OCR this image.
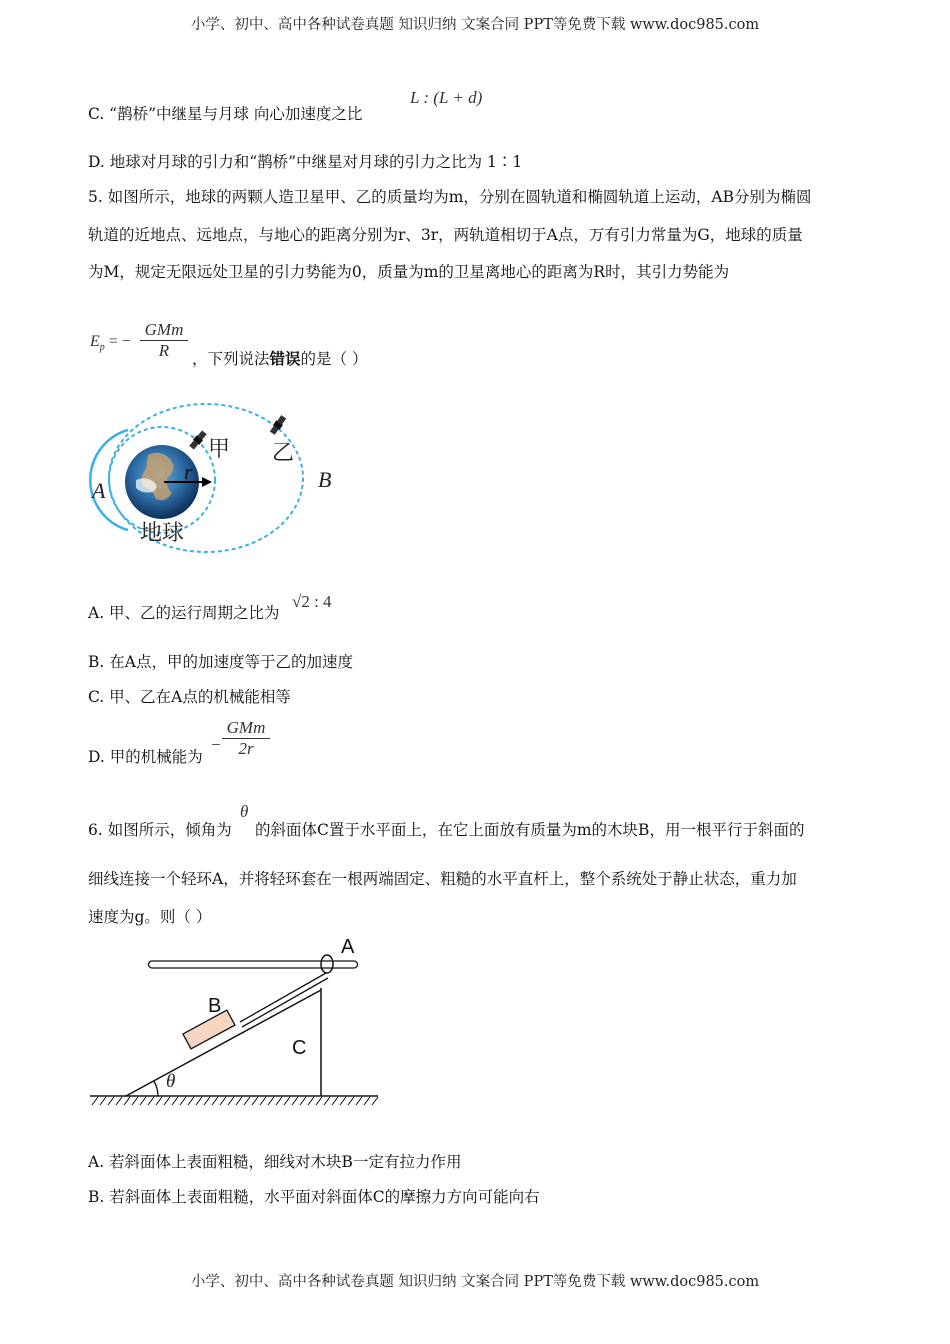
小学、初中、高中各种试卷真题 知识归纳 文案合同 PPT等免费下载 www.doc985.com
C. “鹊桥”中继星与月球 向心加速度之比
L : (L + d)
D. 地球对月球的引力和“鹊桥”中继星对月球的引力之比为 1∶1
5. 如图所示，地球的两颗人造卫星甲、乙的质量均为m，分别在圆轨道和椭圆轨道上运动，AB分别为椭圆
轨道的近地点、远地点，与地心的距离分别为r、3r，两轨道相切于A点，万有引力常量为G，地球的质量
为M，规定无限远处卫星的引力势能为0，质量为m的卫星离地心的距离为R时，其引力势能为
$E_p$ = −
GMm
R	，下列说法错误的是（ ）
A	B
甲 乙
r
地球
A. 甲、乙的运行周期之比为
√2 : 4
B. 在A点，甲的加速度等于乙的加速度
C. 甲、乙在A点的机械能相等
D. 甲的机械能为
−
GMm
2r
6. 如图所示，倾角为
θ
的斜面体C置于水平面上，在它上面放有质量为m的木块B，用一根平行于斜面的
细线连接一个轻环A，并将轻环套在一根两端固定、粗糙的水平直杆上，整个系统处于静止状态，重力加
速度为g。则（ ）
A
B
C
θ
A. 若斜面体上表面粗糙，细线对木块B一定有拉力作用
B. 若斜面体上表面粗糙，水平面对斜面体C的摩擦力方向可能向右
小学、初中、高中各种试卷真题 知识归纳 文案合同 PPT等免费下载 www.doc985.com
